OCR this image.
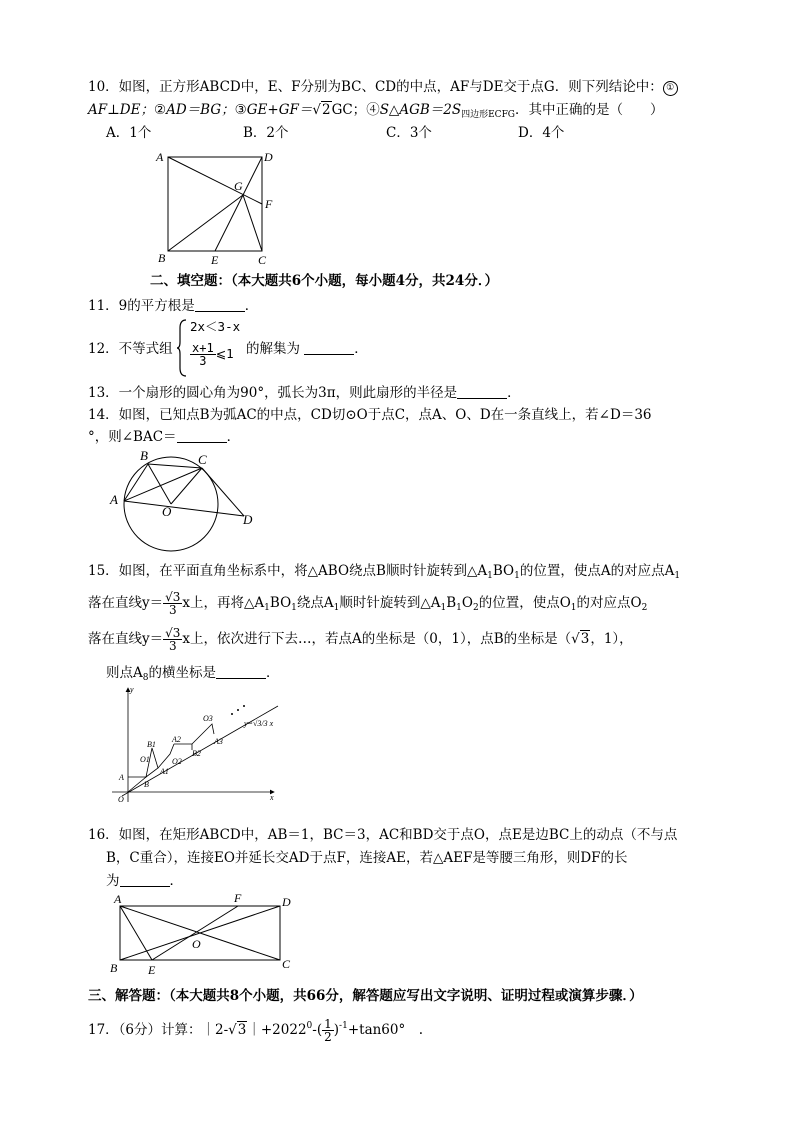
10．如图，正方形ABCD中，E、F分别为BC、CD的中点，AF与DE交于点G．则下列结论中： ①
AF⊥DE；②AD＝BG；③GE+GF＝√2GC；$④S\triangle AGB=2S_{四边形ECFG}$．其中正确的是（　　）
A．1个	B．2个	C．3个	D．4个
A	D
G
F
B	E	C
二、填空题：（本大题共6个小题，每小题4分，共24分．）
11．9的平方根是	．
12．不等式组
2x＜3-x
$\frac{x+1}{3}$ ⩽1 的解集为	．
13．一个扇形的圆心角为90°，弧长为3π，则此扇形的半径是	．
14．如图，已知点B为弧AC的中点，CD切⊙O于点C，点A、O、D在一条直线上，若∠D＝36
°，则∠BAC＝	．
A
B	C
O
D
15．如图，在平面直角坐标系中，将△ABO绕点B顺时针旋转到$\triangle A_1BO_1$的位置，使点A的对应点$A_1$
落在直线$y= \frac{√3}{3}$ x上，再将$\triangle A_1BO_1$绕点$A_1$顺时针旋转到$\triangle A_1B_1O_2$的位置，使点$O_1$的对应点$O_2$
落在直线$y= \frac{√3}{3}$ x上，依次进行下去…，若点A的坐标是（0，1），点B的坐标是（√3，1），
则点$A_8$的横坐标是	．
y
x
O
A
B
O1
B1
A1
O2
A2
B2
O3
A3
y=√3/3 x
16．如图，在矩形ABCD中，AB＝1，BC＝3，AC和BD交于点O，点E是边BC上的动点（不与点
B，C重合），连接EO并延长交AD于点F，连接AE，若△AEF是等腰三角形，则DF的长
为	．
A	F	D
O
B	E	C
三、解答题：（本大题共8个小题，共66分，解答题应写出文字说明、证明过程或演算步骤．）
17．（6分）计算：$|2-√3|+2022^0-( \frac{1}{2} )^{-1}+\tan 60^\circ$　.
